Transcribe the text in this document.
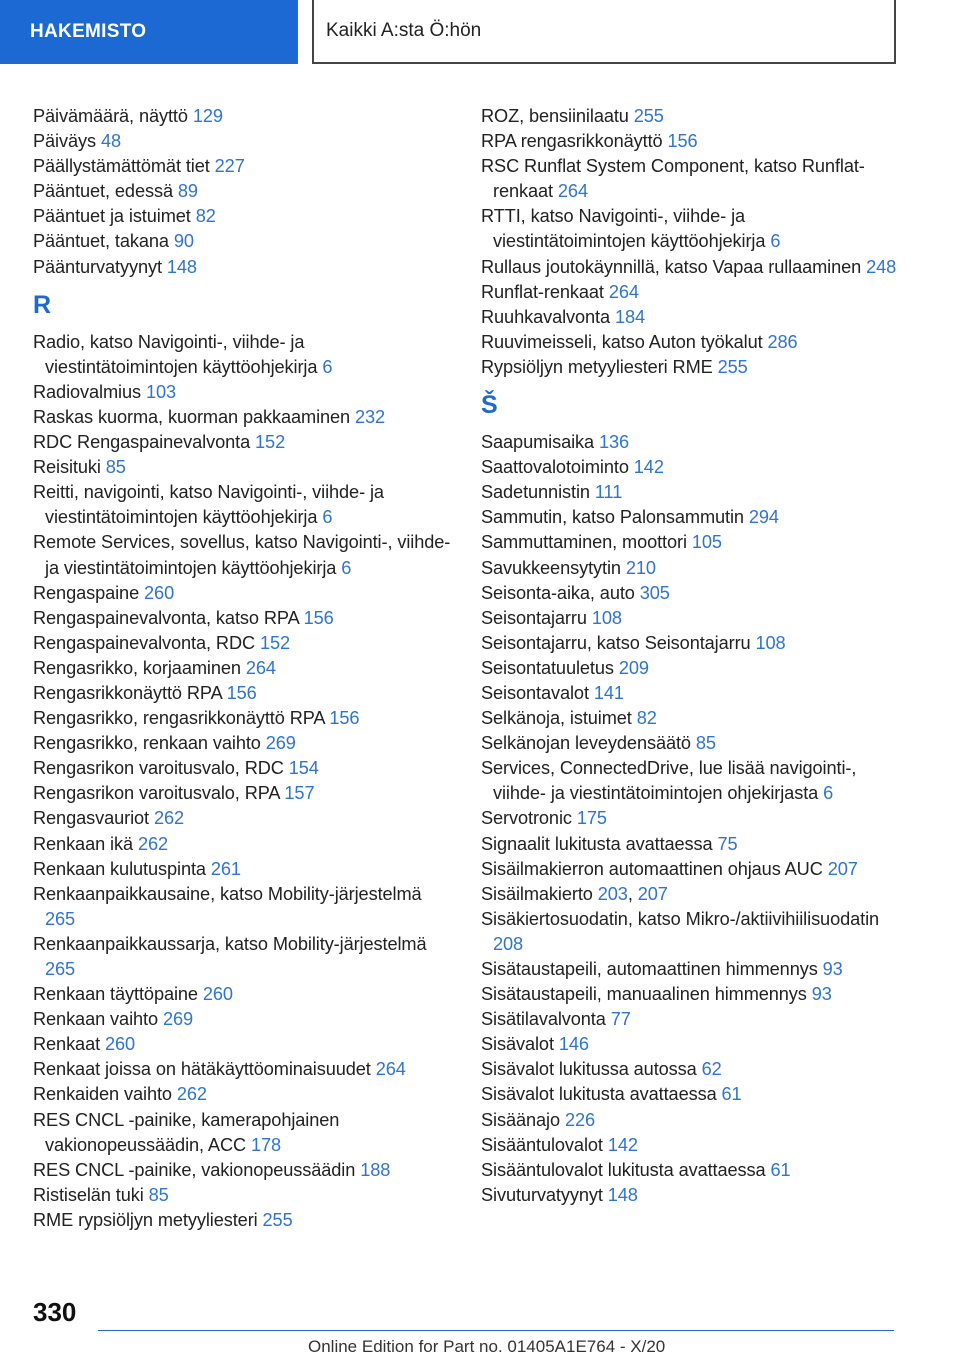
HAKEMISTO	Kaikki A:sta Ö:hön
Päivämäärä, näyttö 129
Päiväys 48
Päällystämättömät tiet 227
Pääntuet, edessä 89
Pääntuet ja istuimet 82
Pääntuet, takana 90
Päänturvatyynyt 148
R
Radio, katso Navigointi-, viihde- ja viestintätoimintojen käyttöohjekirja 6
Radiovalmius 103
Raskas kuorma, kuorman pakkaaminen 232
RDC Rengaspainevalvonta 152
Reisituki 85
Reitti, navigointi, katso Navigointi-, viihde- ja viestintätoimintojen käyttöohjekirja 6
Remote Services, sovellus, katso Navigointi-, viihde- ja viestintätoimintojen käyttöohjekirja 6
Rengaspaine 260
Rengaspainevalvonta, katso RPA 156
Rengaspainevalvonta, RDC 152
Rengasrikko, korjaaminen 264
Rengasrikkonäyttö RPA 156
Rengasrikko, rengasrikkonäyttö RPA 156
Rengasrikko, renkaan vaihto 269
Rengasrikon varoitusvalo, RDC 154
Rengasrikon varoitusvalo, RPA 157
Rengasvauriot 262
Renkaan ikä 262
Renkaan kulutuspinta 261
Renkaanpaikkausaine, katso Mobility-järjestelmä 265
Renkaanpaikkaussarja, katso Mobility-järjestelmä 265
Renkaan täyttöpaine 260
Renkaan vaihto 269
Renkaat 260
Renkaat joissa on hätäkäyttöominaisuudet 264
Renkaiden vaihto 262
RES CNCL -painike, kamerapohjainen vakionopeussäädin, ACC 178
RES CNCL -painike, vakionopeussäädin 188
Ristiselän tuki 85
RME rypsiöljyn metyyliesteri 255
ROZ, bensiinilaatu 255
RPA rengasrikkonäyttö 156
RSC Runflat System Component, katso Runflat-renkaat 264
RTTI, katso Navigointi-, viihde- ja viestintätoimintojen käyttöohjekirja 6
Rullaus joutokäynnillä, katso Vapaa rullaaminen 248
Runflat-renkaat 264
Ruuhkavalvonta 184
Ruuvimeisseli, katso Auton työkalut 286
Rypsiöljyn metyyliesteri RME 255
Š
Saapumisaika 136
Saattovalotoiminto 142
Sadetunnistin 111
Sammutin, katso Palonsammutin 294
Sammuttaminen, moottori 105
Savukkeensytytin 210
Seisonta-aika, auto 305
Seisontajarru 108
Seisontajarru, katso Seisontajarru 108
Seisontatuuletus 209
Seisontavalot 141
Selkänoja, istuimet 82
Selkänojan leveydensäätö 85
Services, ConnectedDrive, lue lisää navigointi-, viihde- ja viestintätoimintojen ohjekirjasta 6
Servotronic 175
Signaalit lukitusta avattaessa 75
Sisäilmakierron automaattinen ohjaus AUC 207
Sisäilmakierto 203, 207
Sisäkiertosuodatin, katso Mikro-/aktiivihiilisuodatin 208
Sisätaustapeili, automaattinen himmennys 93
Sisätaustapeili, manuaalinen himmennys 93
Sisätilavalvonta 77
Sisävalot 146
Sisävalot lukitussa autossa 62
Sisävalot lukitusta avattaessa 61
Sisäänajo 226
Sisääntulovalot 142
Sisääntulovalot lukitusta avattaessa 61
Sivuturvatyynyt 148
330
Online Edition for Part no. 01405A1E764 - X/20
